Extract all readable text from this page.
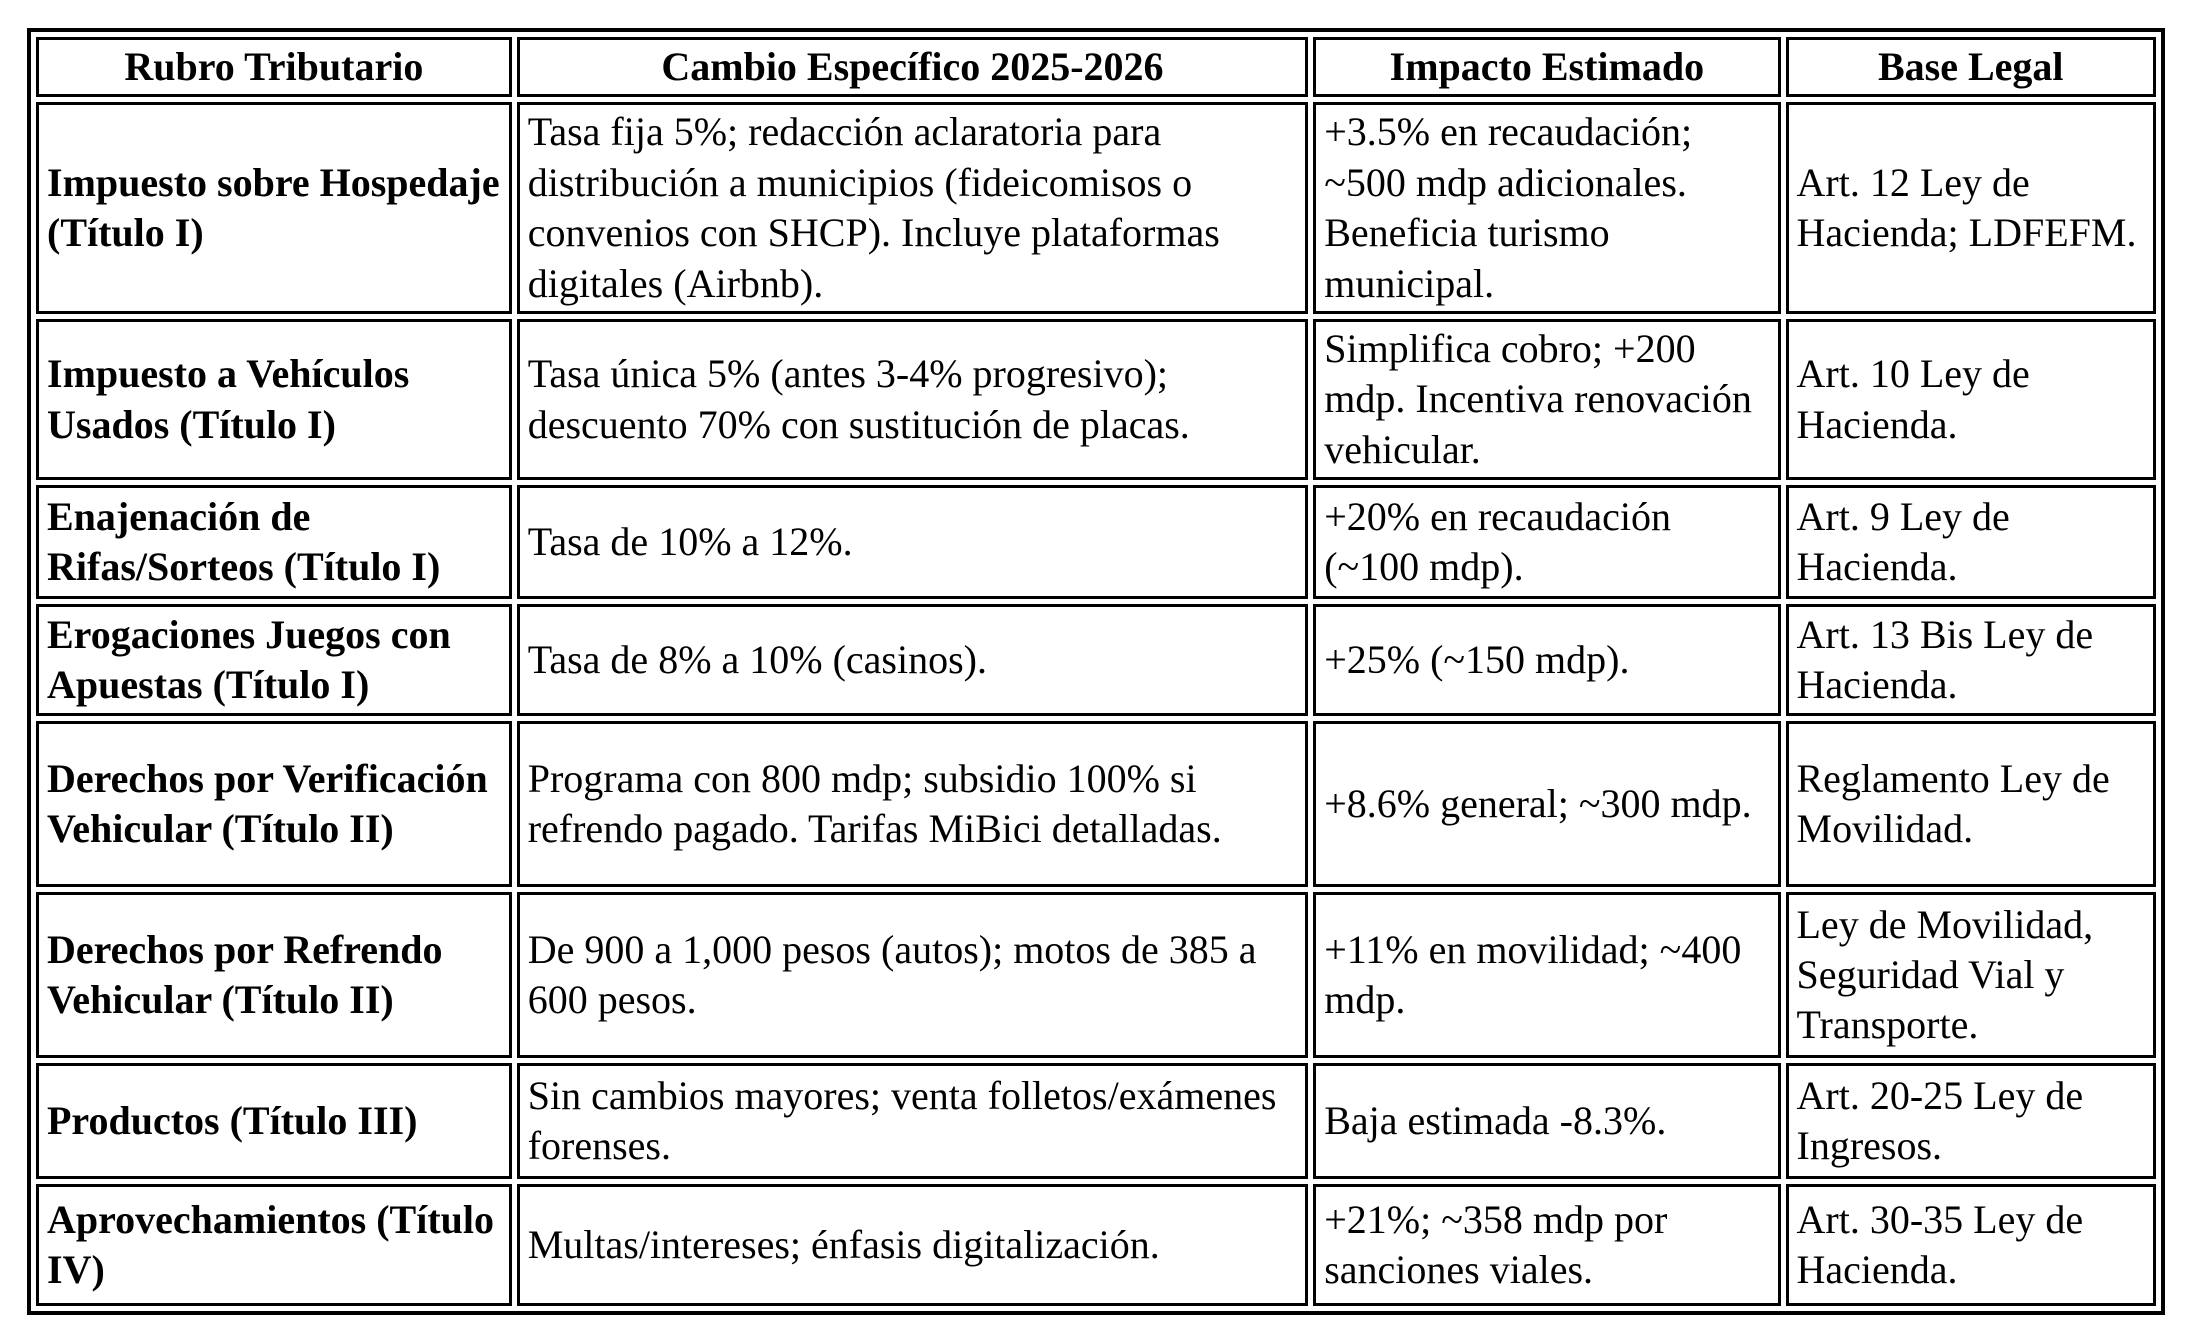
Rubro Tributario	Cambio Específico 2025-2026	Impacto Estimado	Base Legal
Impuesto sobre Hospedaje (Título I)	Tasa fija 5%; redacción aclaratoria para distribución a municipios (fideicomisos o convenios con SHCP). Incluye plataformas digitales (Airbnb).	+3.5% en recaudación; ~500 mdp adicionales. Beneficia turismo municipal.	Art. 12 Ley de Hacienda; LDFEFM.
Impuesto a Vehículos Usados (Título I)	Tasa única 5% (antes 3-4% progresivo); descuento 70% con sustitución de placas.	Simplifica cobro; +200 mdp. Incentiva renovación vehicular.	Art. 10 Ley de Hacienda.
Enajenación de Rifas/Sorteos (Título I)	Tasa de 10% a 12%.	+20% en recaudación (~100 mdp).	Art. 9 Ley de Hacienda.
Erogaciones Juegos con Apuestas (Título I)	Tasa de 8% a 10% (casinos).	+25% (~150 mdp).	Art. 13 Bis Ley de Hacienda.
Derechos por Verificación Vehicular (Título II)	Programa con 800 mdp; subsidio 100% si refrendo pagado. Tarifas MiBici detalladas.	+8.6% general; ~300 mdp.	Reglamento Ley de Movilidad.
Derechos por Refrendo Vehicular (Título II)	De 900 a 1,000 pesos (autos); motos de 385 a 600 pesos.	+11% en movilidad; ~400 mdp.	Ley de Movilidad, Seguridad Vial y Transporte.
Productos (Título III)	Sin cambios mayores; venta folletos/exámenes forenses.	Baja estimada -8.3%.	Art. 20-25 Ley de Ingresos.
Aprovechamientos (Título IV)	Multas/intereses; énfasis digitalización.	+21%; ~358 mdp por sanciones viales.	Art. 30-35 Ley de Hacienda.
